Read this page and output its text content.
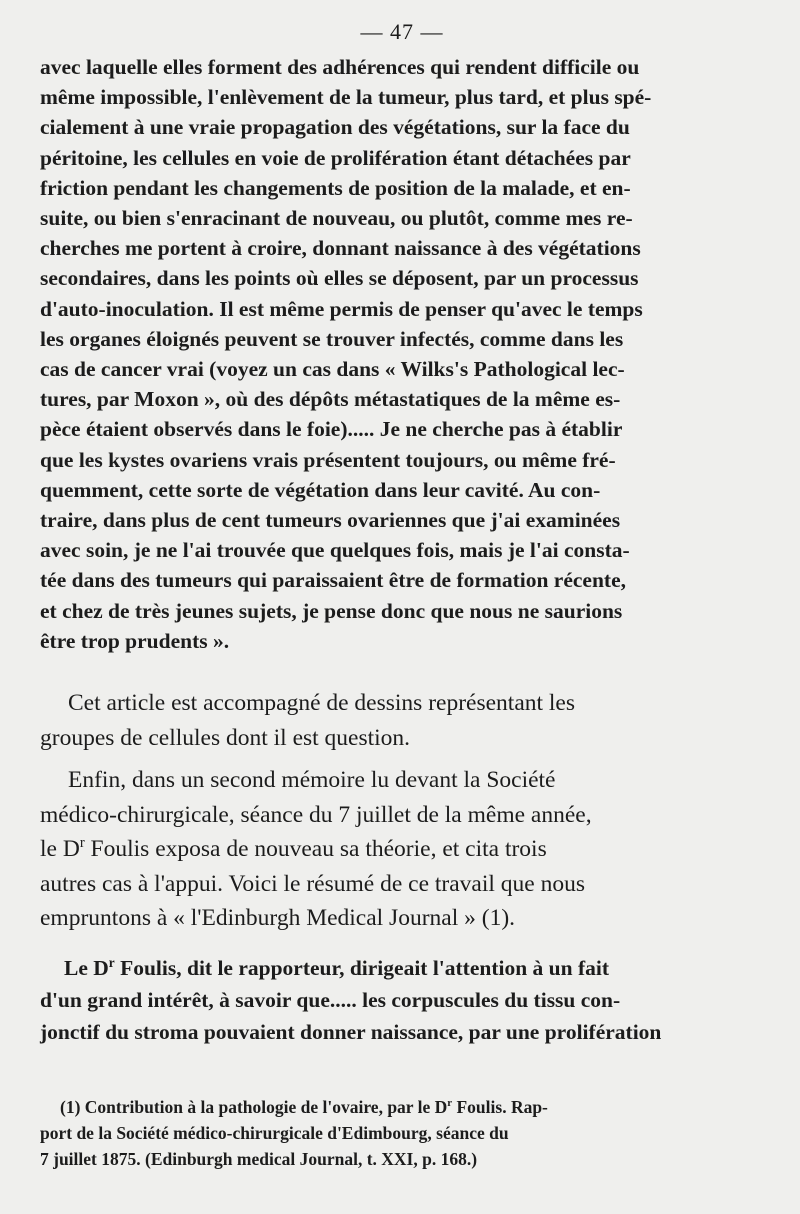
— 47 —
avec laquelle elles forment des adhérences qui rendent difficile ou
même impossible, l'enlèvement de la tumeur, plus tard, et plus spé-
cialement à une vraie propagation des végétations, sur la face du
péritoine, les cellules en voie de prolifération étant détachées par
friction pendant les changements de position de la malade, et en-
suite, ou bien s'enracinant de nouveau, ou plutôt, comme mes re-
cherches me portent à croire, donnant naissance à des végétations
secondaires, dans les points où elles se déposent, par un processus
d'auto-inoculation. Il est même permis de penser qu'avec le temps
les organes éloignés peuvent se trouver infectés, comme dans les
cas de cancer vrai (voyez un cas dans « Wilks's Pathological lec-
tures, par Moxon », où des dépôts métastatiques de la même es-
pèce étaient observés dans le foie)..... Je ne cherche pas à établir
que les kystes ovariens vrais présentent toujours, ou même fré-
quemment, cette sorte de végétation dans leur cavité. Au con-
traire, dans plus de cent tumeurs ovariennes que j'ai examinées
avec soin, je ne l'ai trouvée que quelques fois, mais je l'ai consta-
tée dans des tumeurs qui paraissaient être de formation récente,
et chez de très jeunes sujets, je pense donc que nous ne saurions
être trop prudents ».
Cet article est accompagné de dessins représentant les
groupes de cellules dont il est question.
Enfin, dans un second mémoire lu devant la Société
médico-chirurgicale, séance du 7 juillet de la même année,
le $D^r$ Foulis exposa de nouveau sa théorie, et cita trois
autres cas à l'appui. Voici le résumé de ce travail que nous
empruntons à « l'Edinburgh Medical Journal » (1).
Le $D^r$ Foulis, dit le rapporteur, dirigeait l'attention à un fait
d'un grand intérêt, à savoir que..... les corpuscules du tissu con-
jonctif du stroma pouvaient donner naissance, par une prolifération
(1) Contribution à la pathologie de l'ovaire, par le $D^r$ Foulis. Rap-
port de la Société médico-chirurgicale d'Edimbourg, séance du
7 juillet 1875. (Edinburgh medical Journal, t. XXI, p. 168.)
